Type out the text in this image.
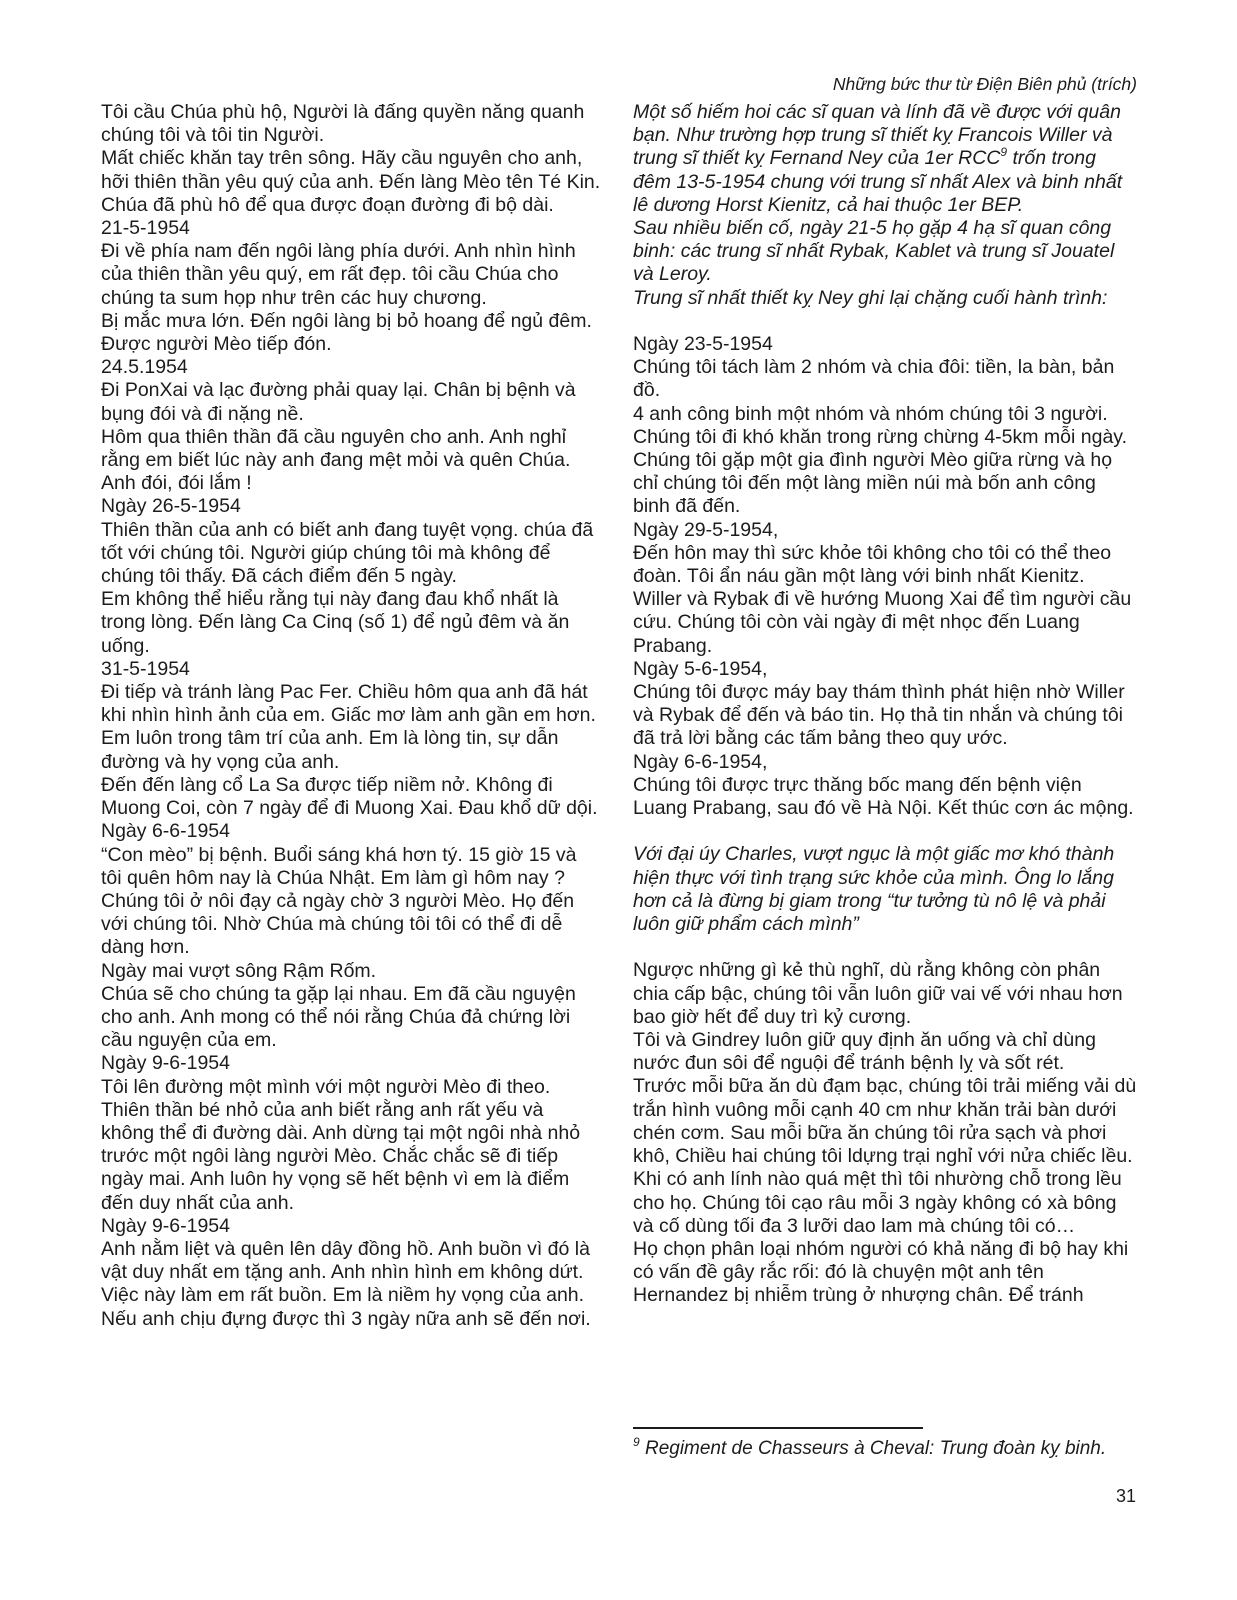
Những bức thư từ Điện Biên phủ (trích)

Tôi cầu Chúa phù hộ, Người là đấng quyền năng quanh chúng tôi và tôi tin Người.

Mất chiếc khăn tay trên sông. Hãy cầu nguyên cho anh, hỡi thiên thần yêu quý của anh. Đến làng Mèo tên Té Kin. Chúa đã phù hô để qua được đoạn đường đi bộ dài.

21-5-1954

Đi về phía nam đến ngôi làng phía dưới. Anh nhìn hình của thiên thần yêu quý, em rất đẹp. tôi cầu Chúa cho chúng ta sum họp như trên các huy chương.

Bị mắc mưa lớn. Đến ngôi làng bị bỏ hoang để ngủ đêm.

Được người Mèo tiếp đón.

24.5.1954

Đi PonXai và lạc đường phải quay lại. Chân bị bệnh và bụng đói và đi nặng nề.

Hôm qua thiên thần đã cầu nguyên cho anh. Anh nghỉ rằng em biết lúc này anh đang mệt mỏi và quên Chúa. Anh đói, đói lắm !

Ngày 26-5-1954

Thiên thần của anh có biết anh đang tuyệt vọng. chúa đã tốt với chúng tôi. Người giúp chúng tôi mà không để chúng tôi thấy. Đã cách điểm đến 5 ngày.

Em không thể hiểu rằng tụi này đang đau khổ nhất là trong lòng. Đến làng Ca Cinq (số 1) để ngủ đêm và ăn uống.

31-5-1954

Đi tiếp và tránh làng Pac Fer. Chiều hôm qua anh đã hát khi nhìn hình ảnh của em. Giấc mơ làm anh gần em hơn. Em luôn trong tâm trí của anh. Em là lòng tin, sự dẫn đường và hy vọng của anh.

Đến đến làng cổ La Sa được tiếp niềm nở. Không đi Muong Coi, còn 7 ngày để đi Muong Xai. Đau khổ dữ dội.

Ngày 6-6-1954

“Con mèo” bị bệnh. Buổi sáng khá hơn tý. 15 giờ 15 và tôi quên hôm nay là Chúa Nhật. Em làm gì hôm nay ? Chúng tôi ở nôi đạy cả ngày chờ 3 người Mèo. Họ đến với chúng tôi. Nhờ Chúa mà chúng tôi tôi có thể đi dễ dàng hơn.

Ngày mai vượt sông Rậm Rốm.

Chúa sẽ cho chúng ta gặp lại nhau. Em đã cầu nguyện cho anh. Anh mong có thể nói rằng Chúa đả chứng lời cầu nguyện của em.

Ngày 9-6-1954

Tôi lên đường một mình với một người Mèo đi theo. Thiên thần bé nhỏ của anh biết rằng anh rất yếu và không thể đi đường dài. Anh dừng tại một ngôi nhà nhỏ trước một ngôi làng người Mèo. Chắc chắc sẽ đi tiếp ngày mai. Anh luôn hy vọng sẽ hết bệnh vì em là điểm đến duy nhất của anh.

Ngày 9-6-1954

Anh nằm liệt và quên lên dây đồng hồ. Anh buồn vì đó là vật duy nhất em tặng anh. Anh nhìn hình em không dứt. Việc này làm em rất buồn. Em là niềm hy vọng của anh. Nếu anh chịu đựng được thì 3 ngày nữa anh sẽ đến nơi.

Một số hiếm hoi các sĩ quan và lính đã về được với quân bạn. Như trường hợp trung sĩ thiết kỵ Francois Willer và trung sĩ thiết kỵ Fernand Ney của 1er RCC$^9$ trốn trong đêm 13-5-1954 chung với trung sĩ nhất Alex và binh nhất lê dương Horst Kienitz, cả hai thuộc 1er BEP.

Sau nhiều biến cố, ngày 21-5 họ gặp 4 hạ sĩ quan công binh: các trung sĩ nhất Rybak, Kablet và trung sĩ Jouatel và Leroy.

Trung sĩ nhất thiết kỵ Ney ghi lại chặng cuối hành trình:

Ngày 23-5-1954

Chúng tôi tách làm 2 nhóm và chia đôi: tiền, la bàn, bản đồ.

4 anh công binh một nhóm và nhóm chúng tôi 3 người. Chúng tôi đi khó khăn trong rừng chừng 4-5km mỗi ngày. Chúng tôi gặp một gia đình người Mèo giữa rừng và họ chỉ chúng tôi đến một làng miền núi mà bốn anh công binh đã đến.

Ngày 29-5-1954,

Đến hôn may thì sức khỏe tôi không cho tôi có thể theo đoàn. Tôi ẩn náu gần một làng với binh nhất Kienitz. Willer và Rybak đi về hướng Muong Xai để tìm người cầu cứu. Chúng tôi còn vài ngày đi mệt nhọc đến Luang Prabang.

Ngày 5-6-1954,

Chúng tôi được máy bay thám thình phát hiện nhờ Willer và Rybak để đến và báo tin. Họ thả tin nhắn và chúng tôi đã trả lời bằng các tấm bảng theo quy ước.

Ngày 6-6-1954,

Chúng tôi được trực thăng bốc mang đến bệnh viện Luang Prabang, sau đó về Hà Nội. Kết thúc cơn ác mộng.

Với đại úy Charles, vượt ngục là một giấc mơ khó thành hiện thực với tình trạng sức khỏe của mình. Ông lo lắng hơn cả là đừng bị giam trong “tư tưởng tù nô lệ và phải luôn giữ phẩm cách mình”

Ngược những gì kẻ thù nghĩ, dù rằng không còn phân chia cấp bậc, chúng tôi vẫn luôn giữ vai vế với nhau hơn bao giờ hết để duy trì kỷ cương.

Tôi và Gindrey luôn giữ quy định ăn uống và chỉ dùng nước đun sôi để nguội để tránh bệnh lỵ và sốt rét.

Trước mỗi bữa ăn dù đạm bạc, chúng tôi trải miếng vải dù trắn hình vuông mỗi cạnh 40 cm như khăn trải bàn dưới chén cơm. Sau mỗi bữa ăn chúng tôi rửa sạch và phơi khô, Chiều hai chúng tôi ldựng trại nghỉ với nửa chiếc lều. Khi có anh lính nào quá mệt thì tôi nhường chỗ trong lều cho họ. Chúng tôi cạo râu mỗi 3 ngày không có xà bông và cố dùng tối đa 3 lưỡi dao lam mà chúng tôi có…

Họ chọn phân loại nhóm người có khả năng đi bộ hay khi có vấn đề gây rắc rối: đó là chuyện một anh tên Hernandez bị nhiễm trùng ở nhượng chân. Để tránh

$^9$ Regiment de Chasseurs à Cheval: Trung đoàn kỵ binh.
31
